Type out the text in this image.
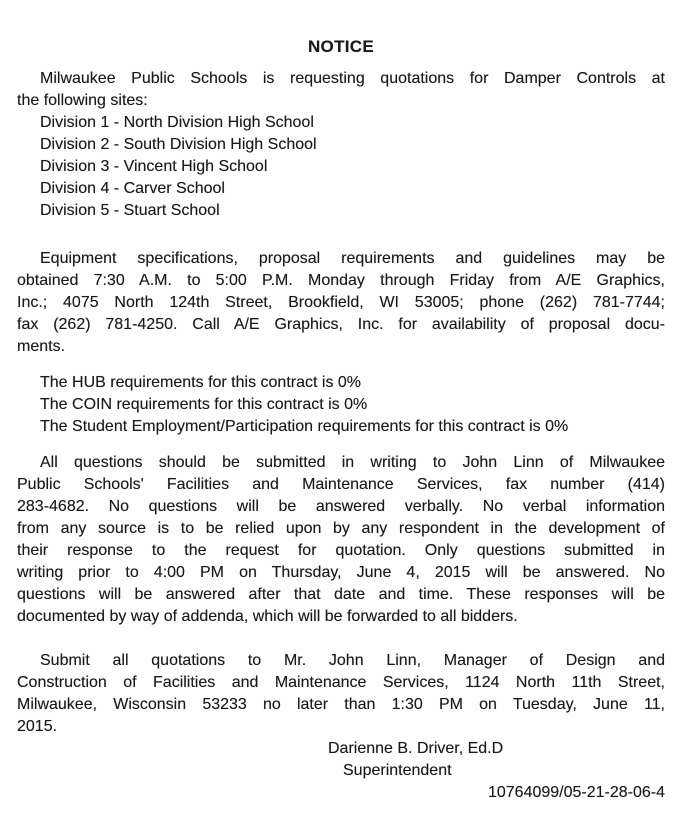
NOTICE
Milwaukee Public Schools is requesting quotations for Damper Controls at
the following sites:
Division 1 - North Division High School
Division 2 - South Division High School
Division 3 - Vincent High School
Division 4 - Carver School
Division 5 - Stuart School
Equipment specifications, proposal requirements and guidelines may be
obtained 7:30 A.M. to 5:00 P.M. Monday through Friday from A/E Graphics,
Inc.; 4075 North 124th Street, Brookfield, WI 53005; phone (262) 781-7744;
fax (262) 781-4250. Call A/E Graphics, Inc. for availability of proposal docu-
ments.
The HUB requirements for this contract is 0%
The COIN requirements for this contract is 0%
The Student Employment/Participation requirements for this contract is 0%
All questions should be submitted in writing to John Linn of Milwaukee
Public Schools' Facilities and Maintenance Services, fax number (414)
283-4682. No questions will be answered verbally. No verbal information
from any source is to be relied upon by any respondent in the development of
their response to the request for quotation. Only questions submitted in
writing prior to 4:00 PM on Thursday, June 4, 2015 will be answered. No
questions will be answered after that date and time. These responses will be
documented by way of addenda, which will be forwarded to all bidders.
Submit all quotations to Mr. John Linn, Manager of Design and
Construction of Facilities and Maintenance Services, 1124 North 11th Street,
Milwaukee, Wisconsin 53233 no later than 1:30 PM on Tuesday, June 11,
2015.
Darienne B. Driver, Ed.D
Superintendent
10764099/05-21-28-06-4
